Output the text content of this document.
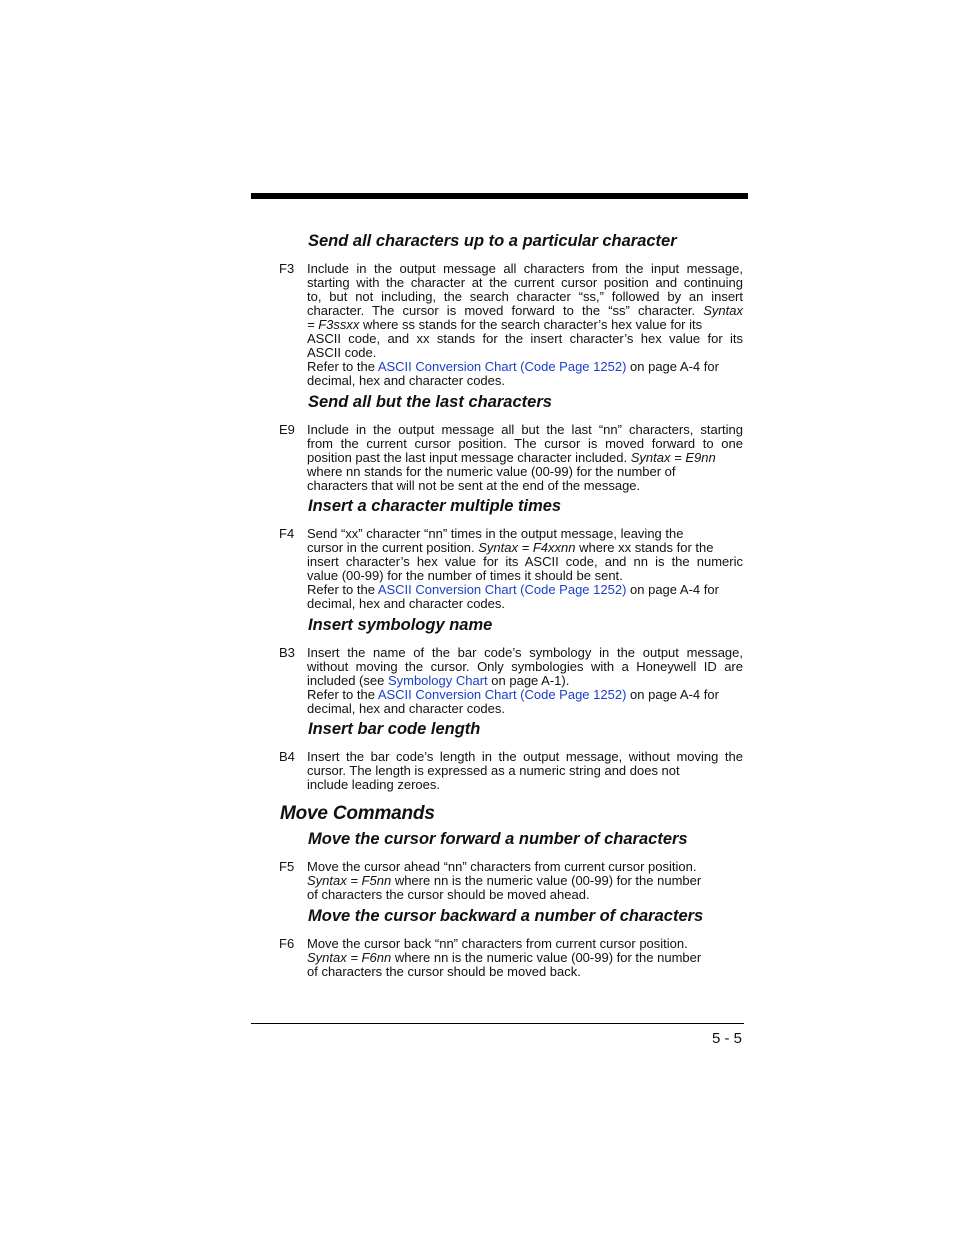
Send all characters up to a particular character
F3 Include in the output message all characters from the input message,
starting with the character at the current cursor position and continuing
to, but not including, the search character “ss,” followed by an insert
character. The cursor is moved forward to the “ss” character. Syntax
= F3ssxx where ss stands for the search character’s hex value for its
ASCII code, and xx stands for the insert character’s hex value for its
ASCII code.
Refer to the ASCII Conversion Chart (Code Page 1252) on page A-4 for
decimal, hex and character codes.
Send all but the last characters
E9 Include in the output message all but the last “nn” characters, starting
from the current cursor position. The cursor is moved forward to one
position past the last input message character included. Syntax = E9nn
where nn stands for the numeric value (00-99) for the number of
characters that will not be sent at the end of the message.
Insert a character multiple times
F4 Send “xx” character “nn” times in the output message, leaving the
cursor in the current position. Syntax = F4xxnn where xx stands for the
insert character’s hex value for its ASCII code, and nn is the numeric
value (00-99) for the number of times it should be sent.
Refer to the ASCII Conversion Chart (Code Page 1252) on page A-4 for
decimal, hex and character codes.
Insert symbology name
B3 Insert the name of the bar code’s symbology in the output message,
without moving the cursor. Only symbologies with a Honeywell ID are
included (see Symbology Chart on page A-1).
Refer to the ASCII Conversion Chart (Code Page 1252) on page A-4 for
decimal, hex and character codes.
Insert bar code length
B4 Insert the bar code’s length in the output message, without moving the
cursor. The length is expressed as a numeric string and does not
include leading zeroes.
Move Commands
Move the cursor forward a number of characters
F5 Move the cursor ahead “nn” characters from current cursor position.
Syntax = F5nn where nn is the numeric value (00-99) for the number
of characters the cursor should be moved ahead.
Move the cursor backward a number of characters
F6 Move the cursor back “nn” characters from current cursor position.
Syntax = F6nn where nn is the numeric value (00-99) for the number
of characters the cursor should be moved back.
5 - 5
